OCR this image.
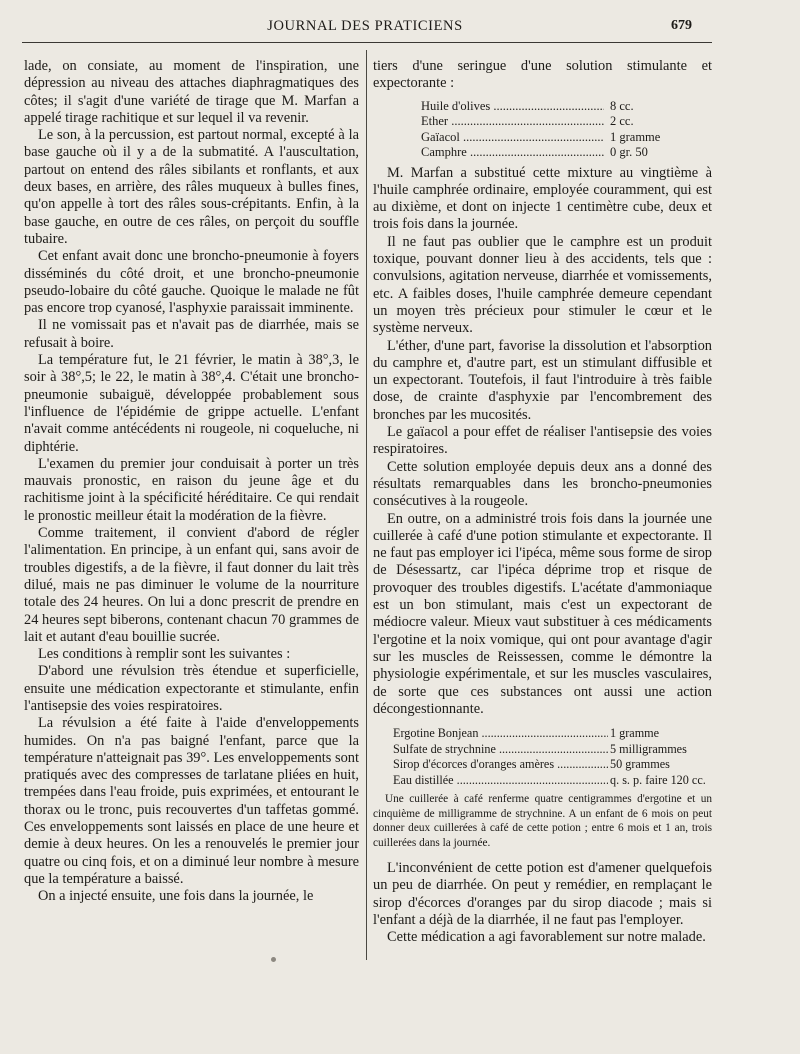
JOURNAL DES PRATICIENS	679

lade, on consiate, au moment de l'inspiration, une dépression au niveau des attaches diaphragmatiques des côtes; il s'agit d'une variété de tirage que M. Marfan a appelé tirage rachitique et sur lequel il va revenir.

Le son, à la percussion, est partout normal, excepté à la base gauche où il y a de la submatité. A l'auscultation, partout on entend des râles sibilants et ronflants, et aux deux bases, en arrière, des râles muqueux à bulles fines, qu'on appelle à tort des râles sous-crépitants. Enfin, à la base gauche, en outre de ces râles, on perçoit du souffle tubaire.

Cet enfant avait donc une broncho-pneumonie à foyers disséminés du côté droit, et une broncho-pneumonie pseudo-lobaire du côté gauche. Quoique le malade ne fût pas encore trop cyanosé, l'asphyxie paraissait imminente.

Il ne vomissait pas et n'avait pas de diarrhée, mais se refusait à boire.

La température fut, le 21 février, le matin à 38°,3, le soir à 38°,5; le 22, le matin à 38°,4. C'était une broncho-pneumonie subaiguë, développée probablement sous l'influence de l'épidémie de grippe actuelle. L'enfant n'avait comme antécédents ni rougeole, ni coqueluche, ni diphtérie.

L'examen du premier jour conduisait à porter un très mauvais pronostic, en raison du jeune âge et du rachitisme joint à la spécificité héréditaire. Ce qui rendait le pronostic meilleur était la modération de la fièvre.

Comme traitement, il convient d'abord de régler l'alimentation. En principe, à un enfant qui, sans avoir de troubles digestifs, a de la fièvre, il faut donner du lait très dilué, mais ne pas diminuer le volume de la nourriture totale des 24 heures. On lui a donc prescrit de prendre en 24 heures sept biberons, contenant chacun 70 grammes de lait et autant d'eau bouillie sucrée.

Les conditions à remplir sont les suivantes :

D'abord une révulsion très étendue et superficielle, ensuite une médication expectorante et stimulante, enfin l'antisepsie des voies respiratoires.

La révulsion a été faite à l'aide d'enveloppements humides. On n'a pas baigné l'enfant, parce que la température n'atteignait pas 39°. Les enveloppements sont pratiqués avec des compresses de tarlatane pliées en huit, trempées dans l'eau froide, puis exprimées, et entourant le thorax ou le tronc, puis recouvertes d'un taffetas gommé. Ces enveloppements sont laissés en place de une heure et demie à deux heures. On les a renouvelés le premier jour quatre ou cinq fois, et on a diminué leur nombre à mesure que la température a baissé.

On a injecté ensuite, une fois dans la journée, le

tiers d'une seringue d'une solution stimulante et expectorante :

Huile d'olives .....	8 cc.
Ether .....	2 cc.
Gaïacol .....	1 gramme
Camphre .....	0 gr. 50

M. Marfan a substitué cette mixture au vingtième à l'huile camphrée ordinaire, employée couramment, qui est au dixième, et dont on injecte 1 centimètre cube, deux et trois fois dans la journée.

Il ne faut pas oublier que le camphre est un produit toxique, pouvant donner lieu à des accidents, tels que : convulsions, agitation nerveuse, diarrhée et vomissements, etc. A faibles doses, l'huile camphrée demeure cependant un moyen très précieux pour stimuler le cœur et le système nerveux.

L'éther, d'une part, favorise la dissolution et l'absorption du camphre et, d'autre part, est un stimulant diffusible et un expectorant. Toutefois, il faut l'introduire à très faible dose, de crainte d'asphyxie par l'encombrement des bronches par les mucosités.

Le gaïacol a pour effet de réaliser l'antisepsie des voies respiratoires.

Cette solution employée depuis deux ans a donné des résultats remarquables dans les broncho-pneumonies consécutives à la rougeole.

En outre, on a administré trois fois dans la journée une cuillerée à café d'une potion stimulante et expectorante. Il ne faut pas employer ici l'ipéca, même sous forme de sirop de Désessartz, car l'ipéca déprime trop et risque de provoquer des troubles digestifs. L'acétate d'ammoniaque est un bon stimulant, mais c'est un expectorant de médiocre valeur. Mieux vaut substituer à ces médicaments l'ergotine et la noix vomique, qui ont pour avantage d'agir sur les muscles de Reissessen, comme le démontre la physiologie expérimentale, et sur les muscles vasculaires, de sorte que ces substances ont aussi une action décongestionnante.

Ergotine Bonjean .....	1 gramme
Sulfate de strychnine .....	5 milligrammes
Sirop d'écorces d'oranges amères .....	50 grammes
Eau distillée .....	q. s. p. faire 120 cc.

Une cuillerée à café renferme quatre centigrammes d'ergotine et un cinquième de milligramme de strychnine. A un enfant de 6 mois on peut donner deux cuillerées à café de cette potion ; entre 6 mois et 1 an, trois cuillerées dans la journée.

L'inconvénient de cette potion est d'amener quelquefois un peu de diarrhée. On peut y remédier, en remplaçant le sirop d'écorces d'oranges par du sirop diacode ; mais si l'enfant a déjà de la diarrhée, il ne faut pas l'employer.

Cette médication a agi favorablement sur notre malade.
